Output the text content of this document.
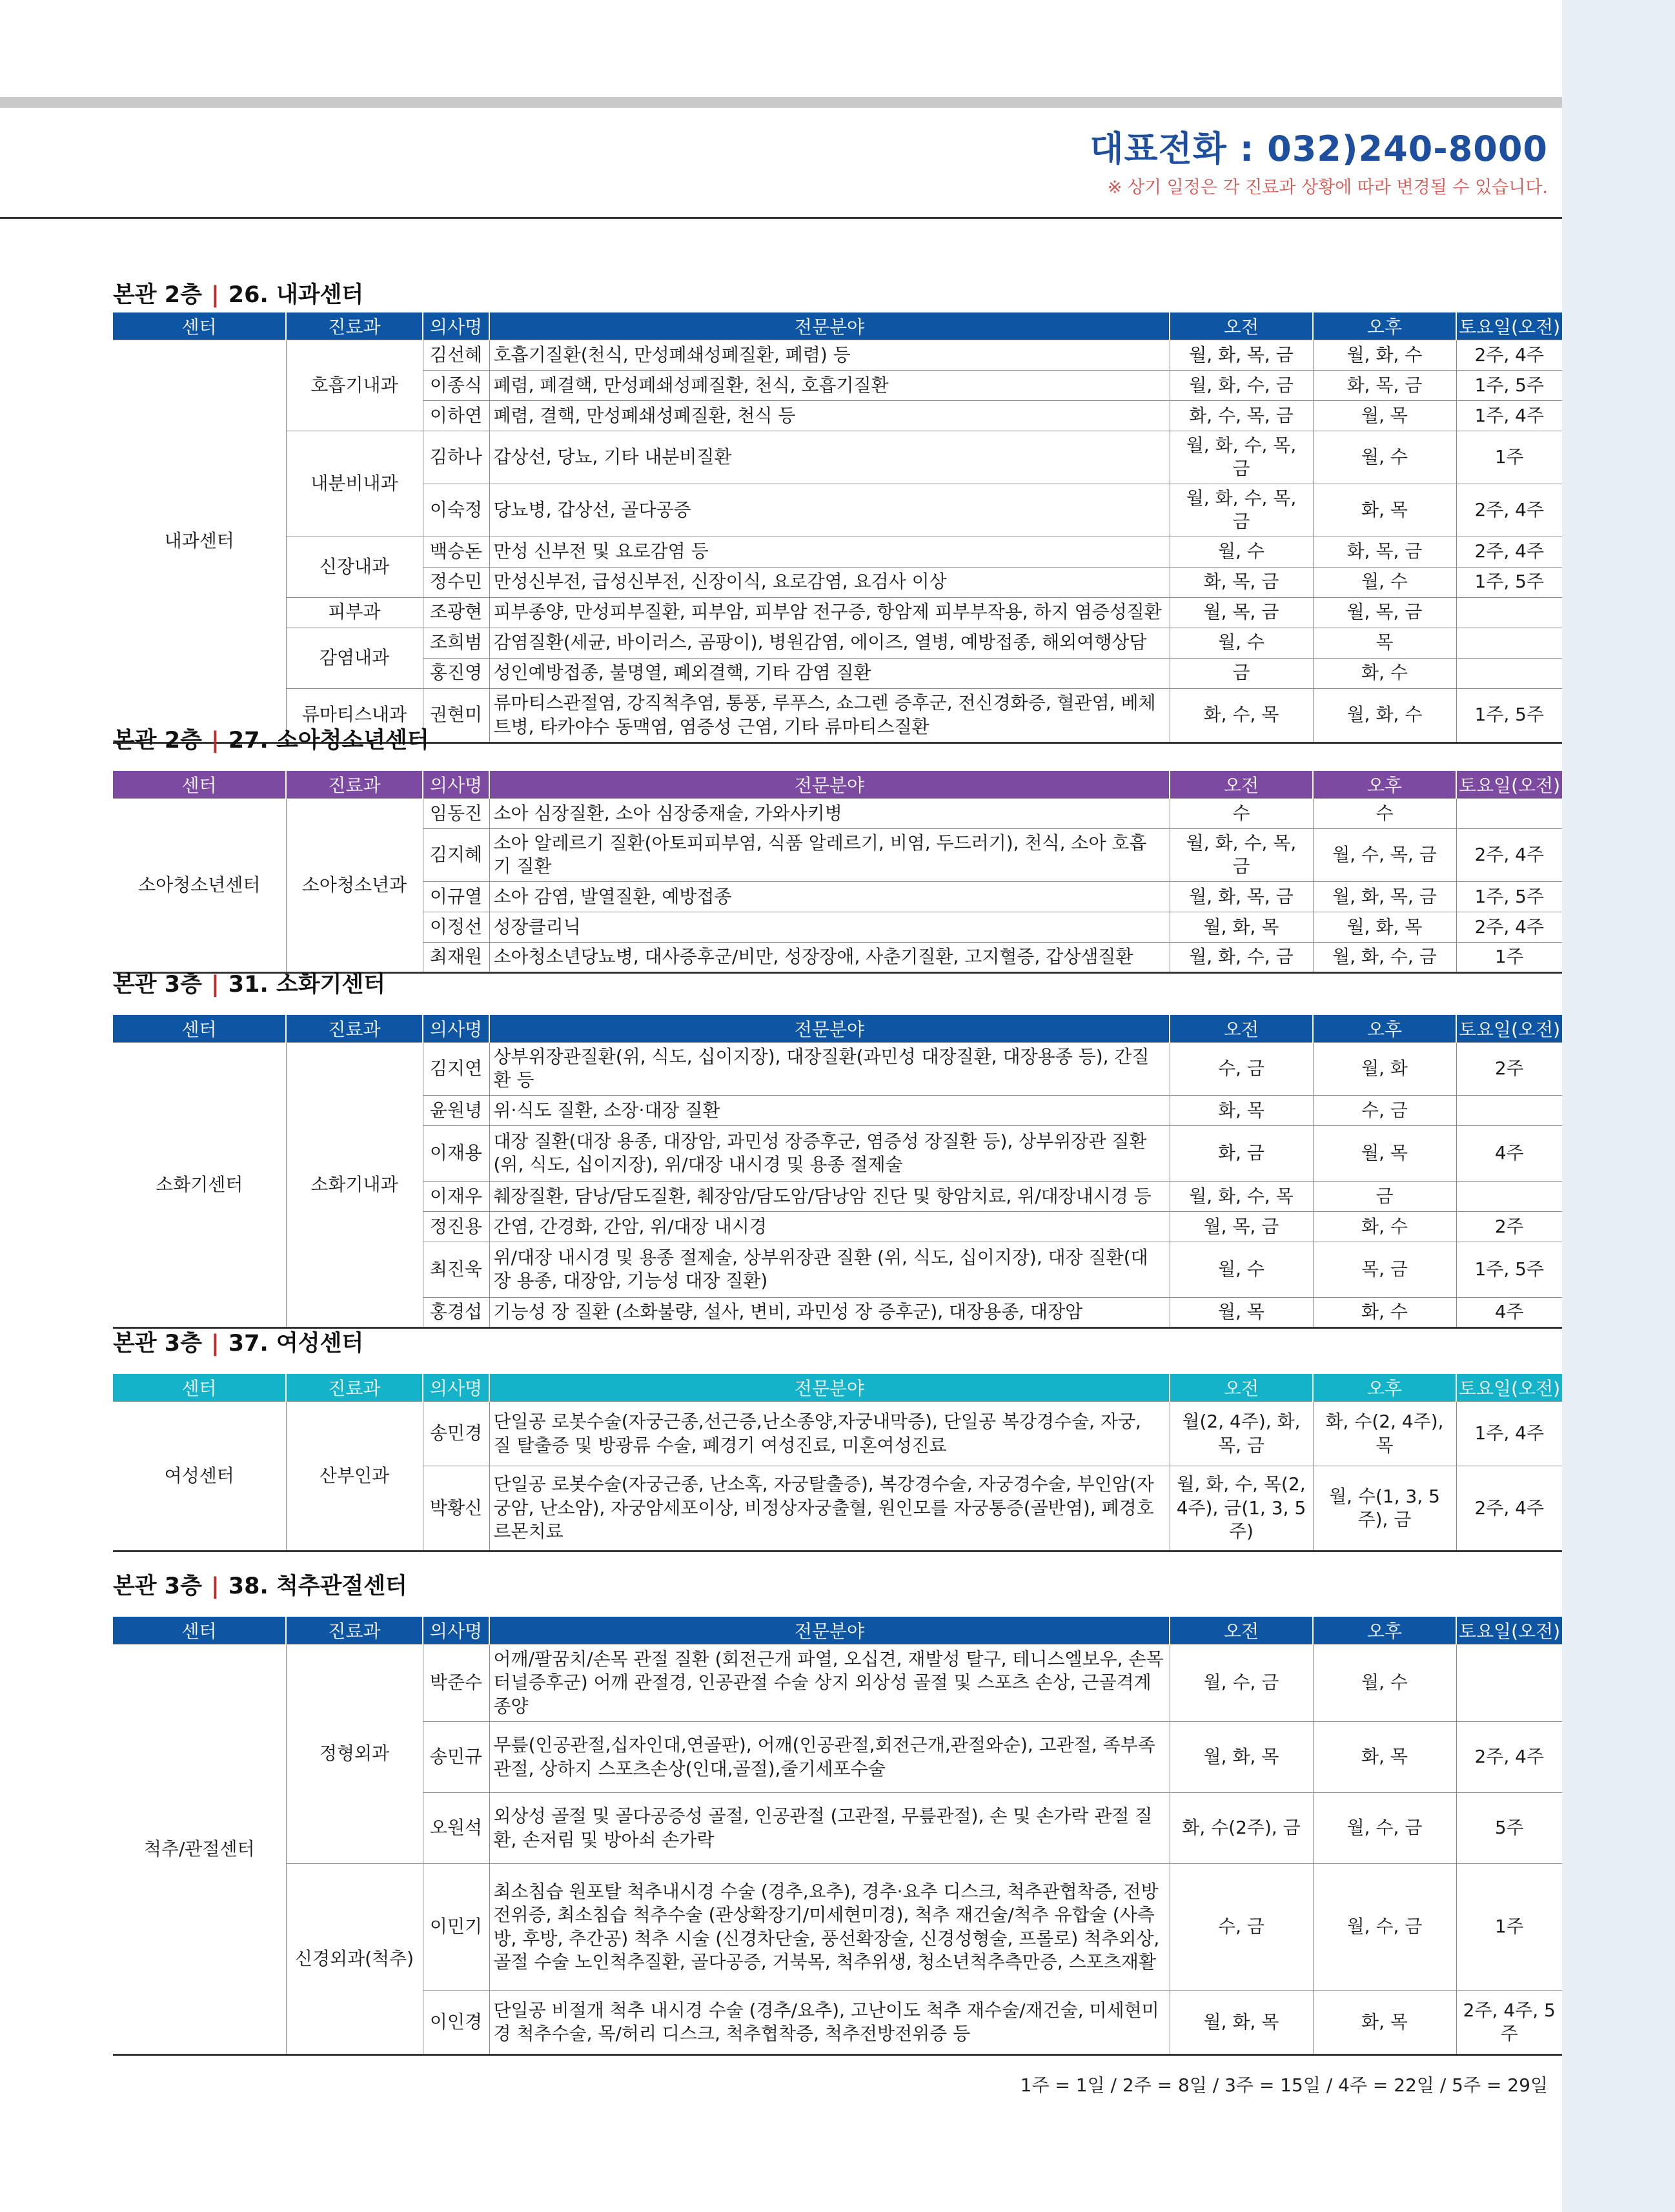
대표전화 : 032)240-8000
※ 상기 일정은 각 진료과 상황에 따라 변경될 수 있습니다.
본관 2층 | 26. 내과센터
센터	진료과	의사명	전문분야	오전	오후	토요일(오전)
내과센터	호흡기내과	김선혜	호흡기질환(천식, 만성폐쇄성폐질환, 폐렴) 등	월, 화, 목, 금	월, 화, 수	2주, 4주
		이종식	폐렴, 폐결핵, 만성폐쇄성폐질환, 천식, 호흡기질환	월, 화, 수, 금	화, 목, 금	1주, 5주
		이하연	폐렴, 결핵, 만성폐쇄성폐질환, 천식 등	화, 수, 목, 금	월, 목	1주, 4주
	내분비내과	김하나	갑상선, 당뇨, 기타 내분비질환	월, 화, 수, 목, 금	월, 수	1주
		이숙정	당뇨병, 갑상선, 골다공증	월, 화, 수, 목, 금	화, 목	2주, 4주
	신장내과	백승돈	만성 신부전 및 요로감염 등	월, 수	화, 목, 금	2주, 4주
		정수민	만성신부전, 급성신부전, 신장이식, 요로감염, 요검사 이상	화, 목, 금	월, 수	1주, 5주
	피부과	조광현	피부종양, 만성피부질환, 피부암, 피부암 전구증, 항암제 피부부작용, 하지 염증성질환	월, 목, 금	월, 목, 금	
	감염내과	조희범	감염질환(세균, 바이러스, 곰팡이), 병원감염, 에이즈, 열병, 예방접종, 해외여행상담	월, 수	목	
		홍진영	성인예방접종, 불명열, 폐외결핵, 기타 감염 질환	금	화, 수	
	류마티스내과	권현미	류마티스관절염, 강직척추염, 통풍, 루푸스, 쇼그렌 증후군, 전신경화증, 혈관염, 베체트병, 타카야수 동맥염, 염증성 근염, 기타 류마티스질환	화, 수, 목	월, 화, 수	1주, 5주
본관 2층 | 27. 소아청소년센터
센터	진료과	의사명	전문분야	오전	오후	토요일(오전)
소아청소년센터	소아청소년과	임동진	소아 심장질환, 소아 심장중재술, 가와사키병	수	수	
		김지혜	소아 알레르기 질환(아토피피부염, 식품 알레르기, 비염, 두드러기), 천식, 소아 호흡기 질환	월, 화, 수, 목, 금	월, 수, 목, 금	2주, 4주
		이규열	소아 감염, 발열질환, 예방접종	월, 화, 목, 금	월, 화, 목, 금	1주, 5주
		이정선	성장클리닉	월, 화, 목	월, 화, 목	2주, 4주
		최재원	소아청소년당뇨병, 대사증후군/비만, 성장장애, 사춘기질환, 고지혈증, 갑상샘질환	월, 화, 수, 금	월, 화, 수, 금	1주
본관 3층 | 31. 소화기센터
센터	진료과	의사명	전문분야	오전	오후	토요일(오전)
소화기센터	소화기내과	김지연	상부위장관질환(위, 식도, 십이지장), 대장질환(과민성 대장질환, 대장용종 등), 간질환 등	수, 금	월, 화	2주
		윤원녕	위·식도 질환, 소장·대장 질환	화, 목	수, 금	
		이재용	대장 질환(대장 용종, 대장암, 과민성 장증후군, 염증성 장질환 등), 상부위장관 질환(위, 식도, 십이지장), 위/대장 내시경 및 용종 절제술	화, 금	월, 목	4주
		이재우	췌장질환, 담낭/담도질환, 췌장암/담도암/담낭암 진단 및 항암치료, 위/대장내시경 등	월, 화, 수, 목	금	
		정진용	간염, 간경화, 간암, 위/대장 내시경	월, 목, 금	화, 수	2주
		최진욱	위/대장 내시경 및 용종 절제술, 상부위장관 질환 (위, 식도, 십이지장), 대장 질환(대장 용종, 대장암, 기능성 대장 질환)	월, 수	목, 금	1주, 5주
		홍경섭	기능성 장 질환 (소화불량, 설사, 변비, 과민성 장 증후군), 대장용종, 대장암	월, 목	화, 수	4주
본관 3층 | 37. 여성센터
센터	진료과	의사명	전문분야	오전	오후	토요일(오전)
여성센터	산부인과	송민경	단일공 로봇수술(자궁근종,선근증,난소종양,자궁내막증), 단일공 복강경수술, 자궁, 질 탈출증 및 방광류 수술, 폐경기 여성진료, 미혼여성진료	월(2, 4주), 화, 목, 금	화, 수(2, 4주), 목	1주, 4주
		박황신	단일공 로봇수술(자궁근종, 난소혹, 자궁탈출증), 복강경수술, 자궁경수술, 부인암(자궁암, 난소암), 자궁암세포이상, 비정상자궁출혈, 원인모를 자궁통증(골반염), 폐경호르몬치료	월, 화, 수, 목(2, 4주), 금(1, 3, 5주)	월, 수(1, 3, 5주), 금	2주, 4주
본관 3층 | 38. 척추관절센터
센터	진료과	의사명	전문분야	오전	오후	토요일(오전)
척추/관절센터	정형외과	박준수	어깨/팔꿈치/손목 관절 질환 (회전근개 파열, 오십견, 재발성 탈구, 테니스엘보우, 손목터널증후군) 어깨 관절경, 인공관절 수술 상지 외상성 골절 및 스포츠 손상, 근골격계 종양	월, 수, 금	월, 수	
		송민규	무릎(인공관절,십자인대,연골판), 어깨(인공관절,회전근개,관절와순), 고관절, 족부족관절, 상하지 스포츠손상(인대,골절),줄기세포수술	월, 화, 목	화, 목	2주, 4주
		오원석	외상성 골절 및 골다공증성 골절, 인공관절 (고관절, 무릎관절), 손 및 손가락 관절 질환, 손저림 및 방아쇠 손가락	화, 수(2주), 금	월, 수, 금	5주
	신경외과(척추)	이민기	최소침습 원포탈 척추내시경 수술 (경추,요추), 경추·요추 디스크, 척추관협착증, 전방전위증, 최소침습 척추수술 (관상확장기/미세현미경), 척추 재건술/척추 유합술 (사측방, 후방, 추간공) 척추 시술 (신경차단술, 풍선확장술, 신경성형술, 프롤로) 척추외상, 골절 수술 노인척추질환, 골다공증, 거북목, 척추위생, 청소년척추측만증, 스포츠재활	수, 금	월, 수, 금	1주
		이인경	단일공 비절개 척추 내시경 수술 (경추/요추), 고난이도 척추 재수술/재건술, 미세현미경 척추수술, 목/허리 디스크, 척추협착증, 척추전방전위증 등	월, 화, 목	화, 목	2주, 4주, 5주
1주 = 1일 / 2주 = 8일 / 3주 = 15일 / 4주 = 22일 / 5주 = 29일
